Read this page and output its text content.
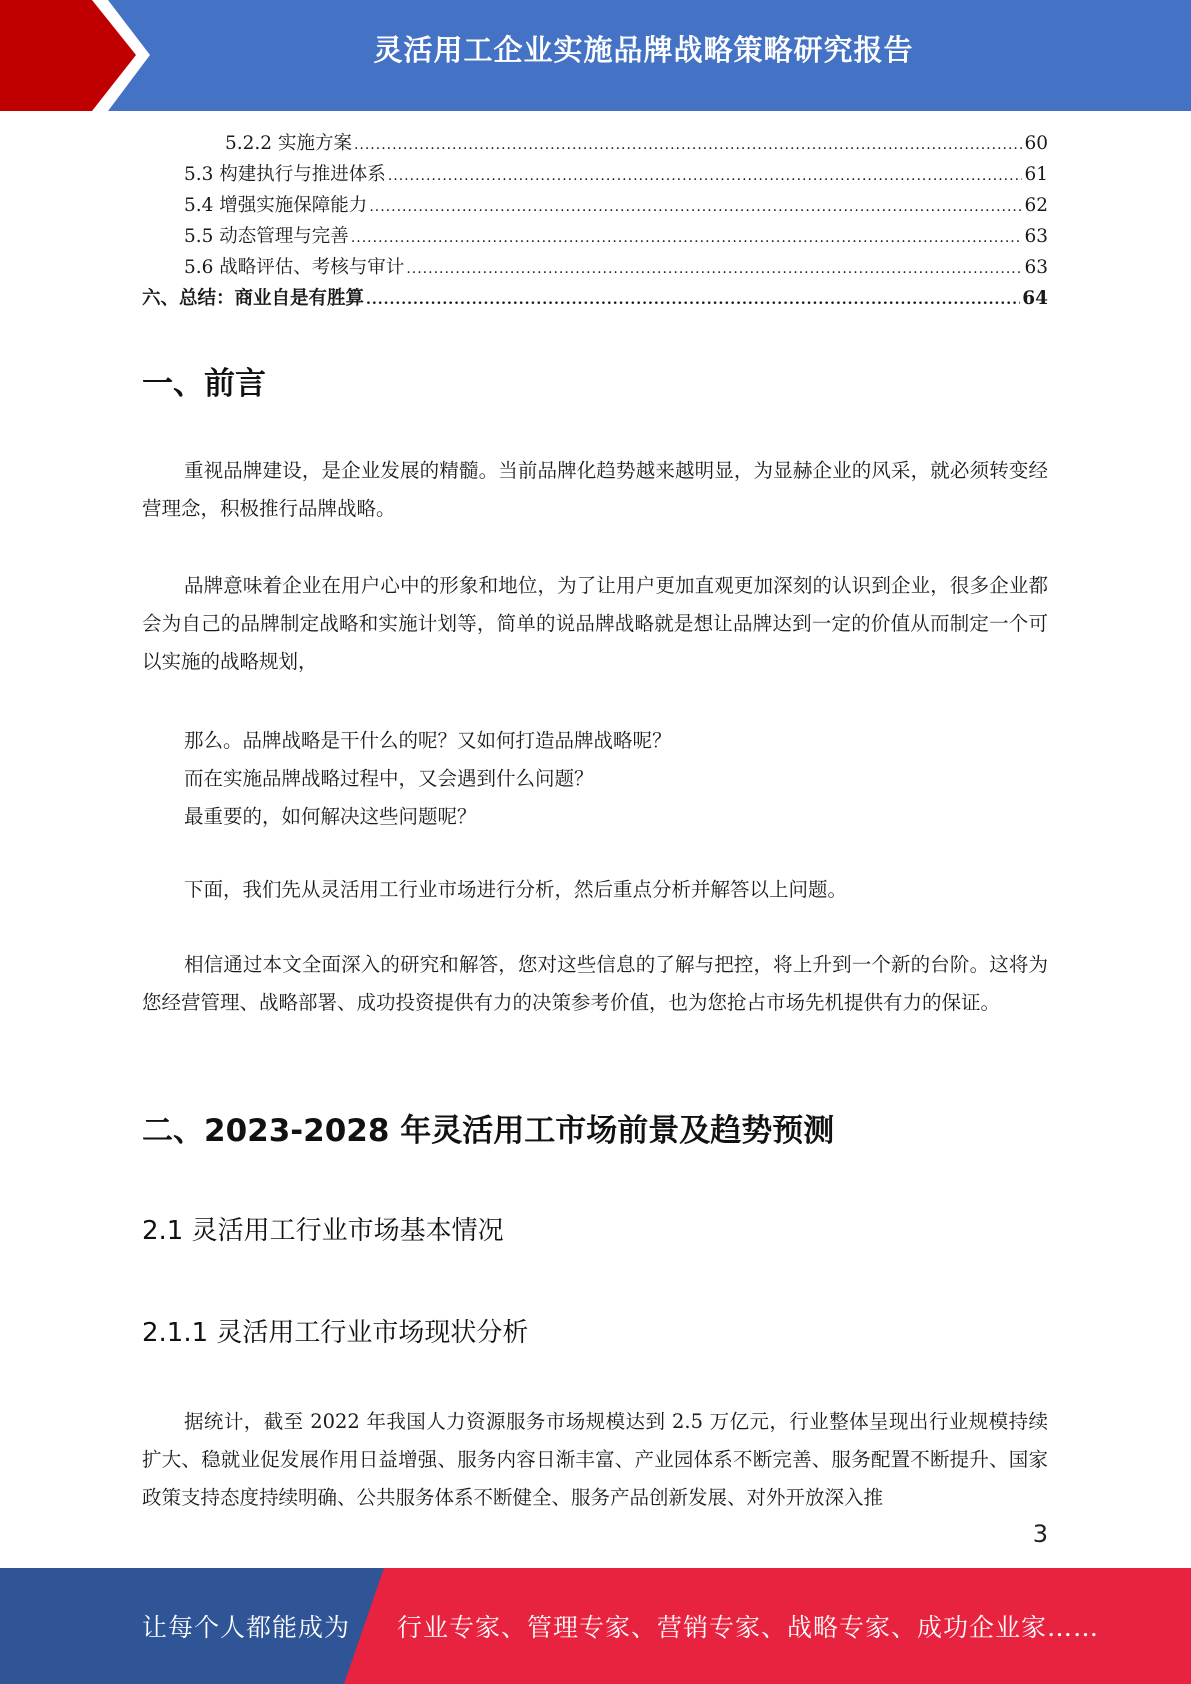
灵活用工企业实施品牌战略策略研究报告
5.2.2 实施方案 .....	60
5.3 构建执行与推进体系 .....	61
5.4 增强实施保障能力 .....	62
5.5 动态管理与完善 .....	63
5.6 战略评估、考核与审计 .....	63
六、总结：商业自是有胜算 .....	64
一、前言

重视品牌建设，是企业发展的精髓。当前品牌化趋势越来越明显，为显赫企业的风采，就必须转变经营理念，积极推行品牌战略。

品牌意味着企业在用户心中的形象和地位，为了让用户更加直观更加深刻的认识到企业，很多企业都会为自己的品牌制定战略和实施计划等，简单的说品牌战略就是想让品牌达到一定的价值从而制定一个可以实施的战略规划，

那么。品牌战略是干什么的呢？又如何打造品牌战略呢？

而在实施品牌战略过程中，又会遇到什么问题？

最重要的，如何解决这些问题呢？

下面，我们先从灵活用工行业市场进行分析，然后重点分析并解答以上问题。

相信通过本文全面深入的研究和解答，您对这些信息的了解与把控，将上升到一个新的台阶。这将为您经营管理、战略部署、成功投资提供有力的决策参考价值，也为您抢占市场先机提供有力的保证。

二、2023-2028 年灵活用工市场前景及趋势预测
2.1 灵活用工行业市场基本情况
2.1.1 灵活用工行业市场现状分析

据统计，截至 2022 年我国人力资源服务市场规模达到 2.5 万亿元，行业整体呈现出行业规模持续扩大、稳就业促发展作用日益增强、服务内容日渐丰富、产业园体系不断完善、服务配置不断提升、国家政策支持态度持续明确、公共服务体系不断健全、服务产品创新发展、对外开放深入推

3
让每个人都能成为 行业专家、管理专家、营销专家、战略专家、成功企业家……
